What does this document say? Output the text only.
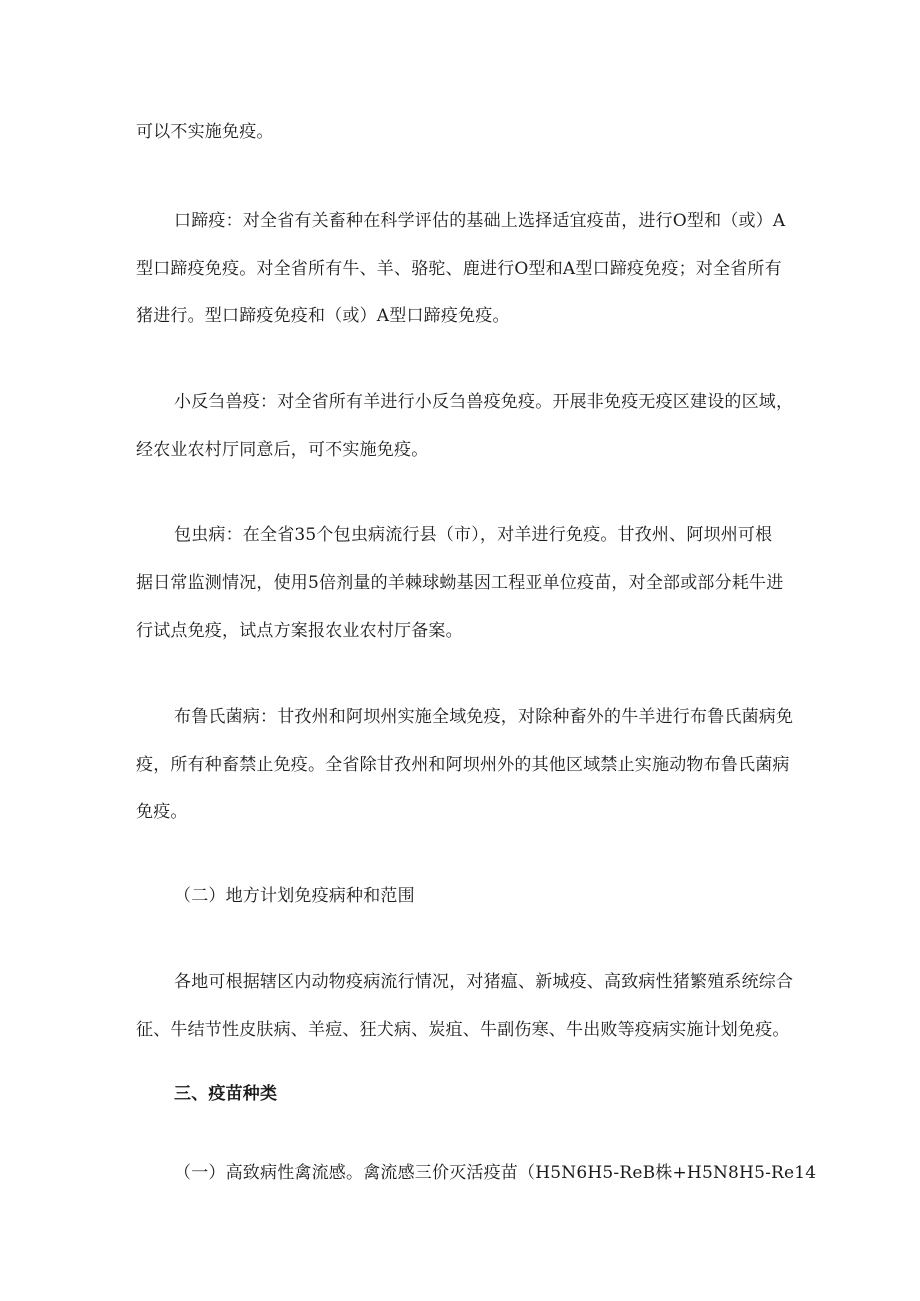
可以不实施免疫。
口蹄疫：对全省有关畜种在科学评估的基础上选择适宜疫苗，进行O型和（或）A
型口蹄疫免疫。对全省所有牛、羊、骆驼、鹿进行O型和A型口蹄疫免疫；对全省所有
猪进行。型口蹄疫免疫和（或）A型口蹄疫免疫。
小反刍兽疫：对全省所有羊进行小反刍兽疫免疫。开展非免疫无疫区建设的区域，
经农业农村厅同意后，可不实施免疫。
包虫病：在全省35个包虫病流行县（市），对羊进行免疫。甘孜州、阿坝州可根
据日常监测情况，使用5倍剂量的羊棘球蚴基因工程亚单位疫苗，对全部或部分耗牛进
行试点免疫，试点方案报农业农村厅备案。
布鲁氏菌病：甘孜州和阿坝州实施全域免疫，对除种畜外的牛羊进行布鲁氏菌病免
疫，所有种畜禁止免疫。全省除甘孜州和阿坝州外的其他区域禁止实施动物布鲁氏菌病
免疫。
（二）地方计划免疫病种和范围
各地可根据辖区内动物疫病流行情况，对猪瘟、新城疫、高致病性猪繁殖系统综合
征、牛结节性皮肤病、羊痘、狂犬病、炭疽、牛副伤寒、牛出败等疫病实施计划免疫。
三、疫苗种类
（一）高致病性禽流感。禽流感三价灭活疫苗（H5N6H5-ReB株+H5N8H5-Re14
